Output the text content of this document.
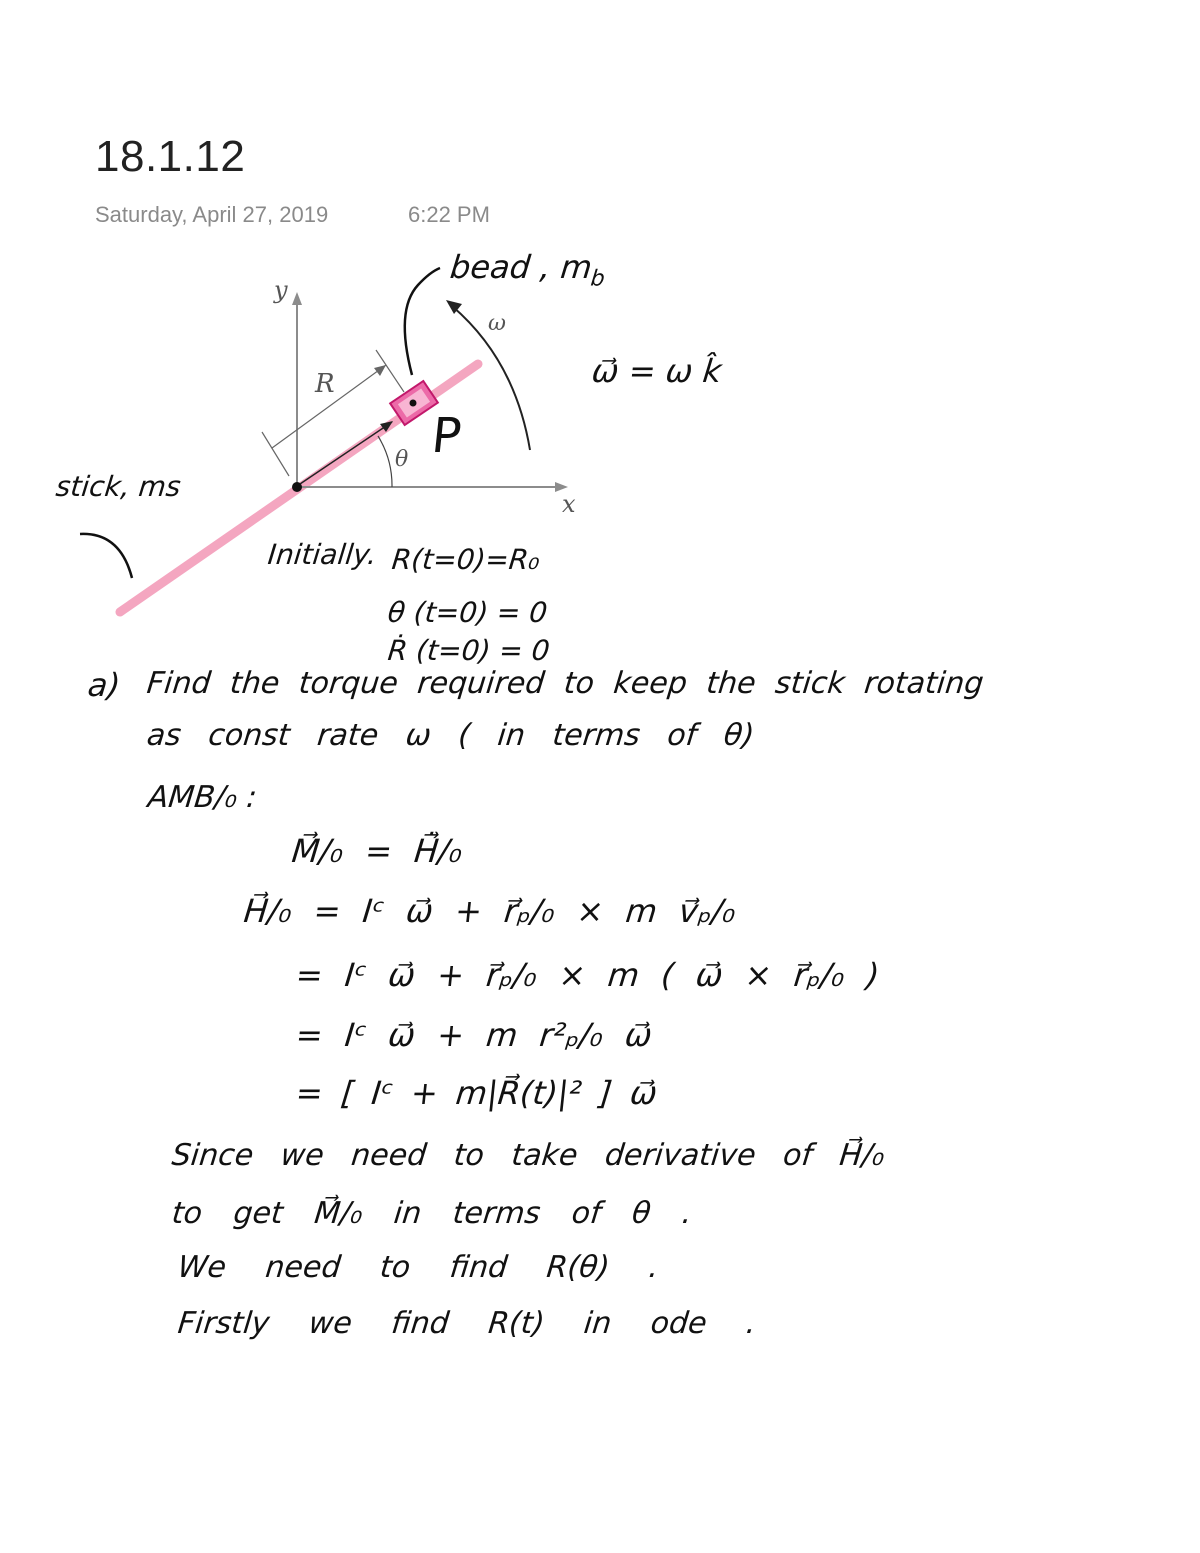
18.1.12
Saturday, April 27, 2019	6:22 PM
y
x
R
θ
ω
bead , $m_b$
P
stick, ms
ω⃗ = ω k̂
Initially. R(t=0)=R₀
θ (t=0) = 0
Ṙ (t=0) = 0
a) Find the torque required to keep the stick rotating
as const rate ω ( in terms of θ)
AMB/₀ :
M⃗/₀ = H⃗̇/₀
H⃗/₀ = Iᶜ ω⃗ + r⃗ₚ/₀ × m v⃗ₚ/₀
= Iᶜ ω⃗ + r⃗ₚ/₀ × m ( ω⃗ × r⃗ₚ/₀ )
= Iᶜ ω⃗ + m r²ₚ/₀ ω⃗
= [ Iᶜ + m|R⃗(t)|² ] ω⃗
Since we need to take derivative of H⃗/₀
to get M⃗/₀ in terms of θ .
We need to find R(θ) .
Firstly we find R(t) in ode .
